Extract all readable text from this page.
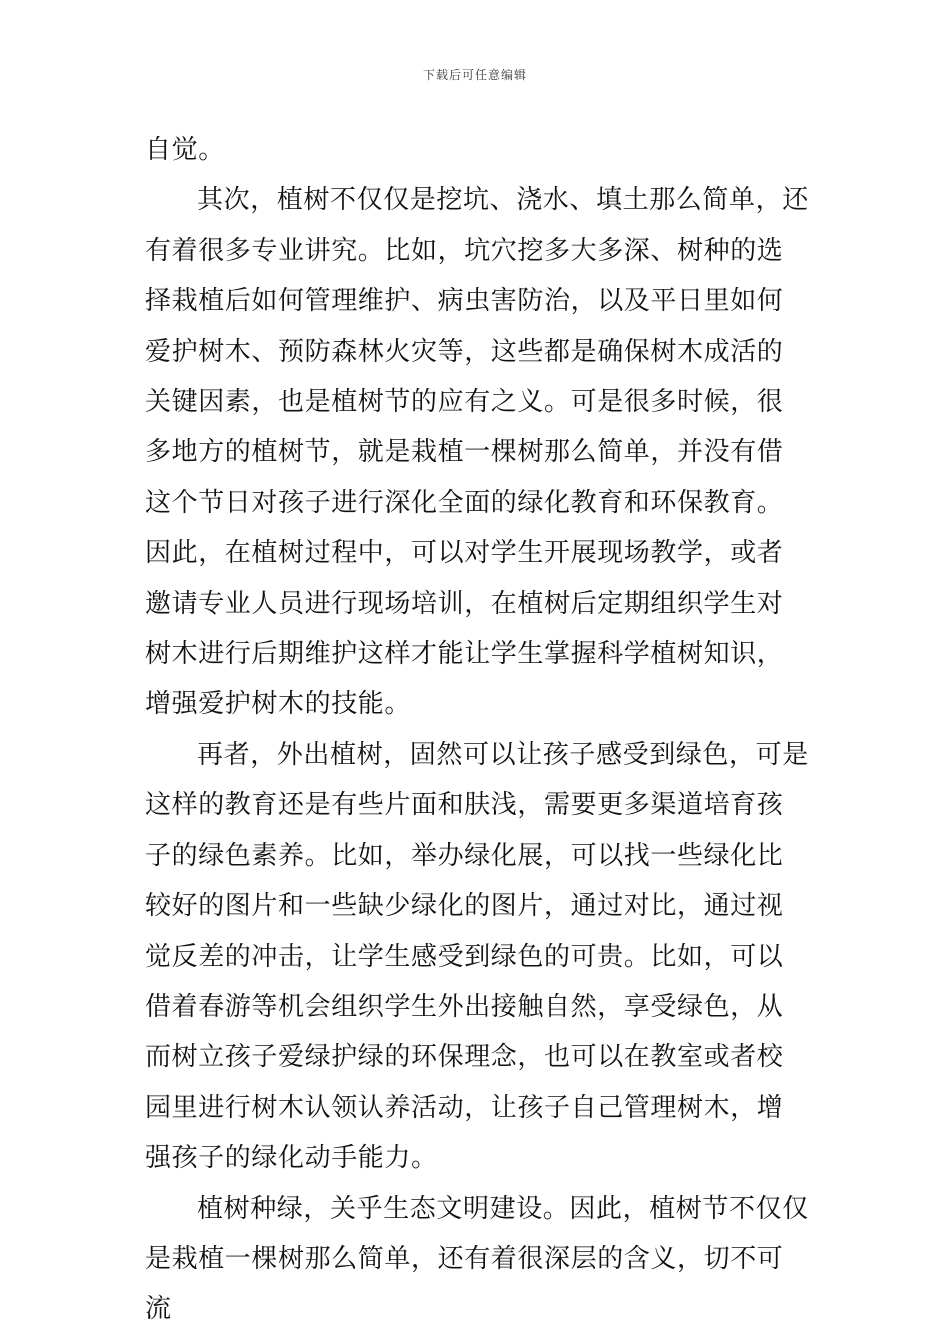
下载后可任意编辑

自觉。

其次，植树不仅仅是挖坑、浇水、填土那么简单，还有着很多专业讲究。比如，坑穴挖多大多深、树种的选择栽植后如何管理维护、病虫害防治，以及平日里如何爱护树木、预防森林火灾等，这些都是确保树木成活的关键因素，也是植树节的应有之义。可是很多时候，很多地方的植树节，就是栽植一棵树那么简单，并没有借这个节日对孩子进行深化全面的绿化教育和环保教育。因此，在植树过程中，可以对学生开展现场教学，或者邀请专业人员进行现场培训，在植树后定期组织学生对树木进行后期维护这样才能让学生掌握科学植树知识，增强爱护树木的技能。

再者，外出植树，固然可以让孩子感受到绿色，可是这样的教育还是有些片面和肤浅，需要更多渠道培育孩子的绿色素养。比如，举办绿化展，可以找一些绿化比较好的图片和一些缺少绿化的图片，通过对比，通过视觉反差的冲击，让学生感受到绿色的可贵。比如，可以借着春游等机会组织学生外出接触自然，享受绿色，从而树立孩子爱绿护绿的环保理念，也可以在教室或者校园里进行树木认领认养活动，让孩子自己管理树木，增强孩子的绿化动手能力。

植树种绿，关乎生态文明建设。因此，植树节不仅仅是栽植一棵树那么简单，还有着很深层的含义，切不可流
